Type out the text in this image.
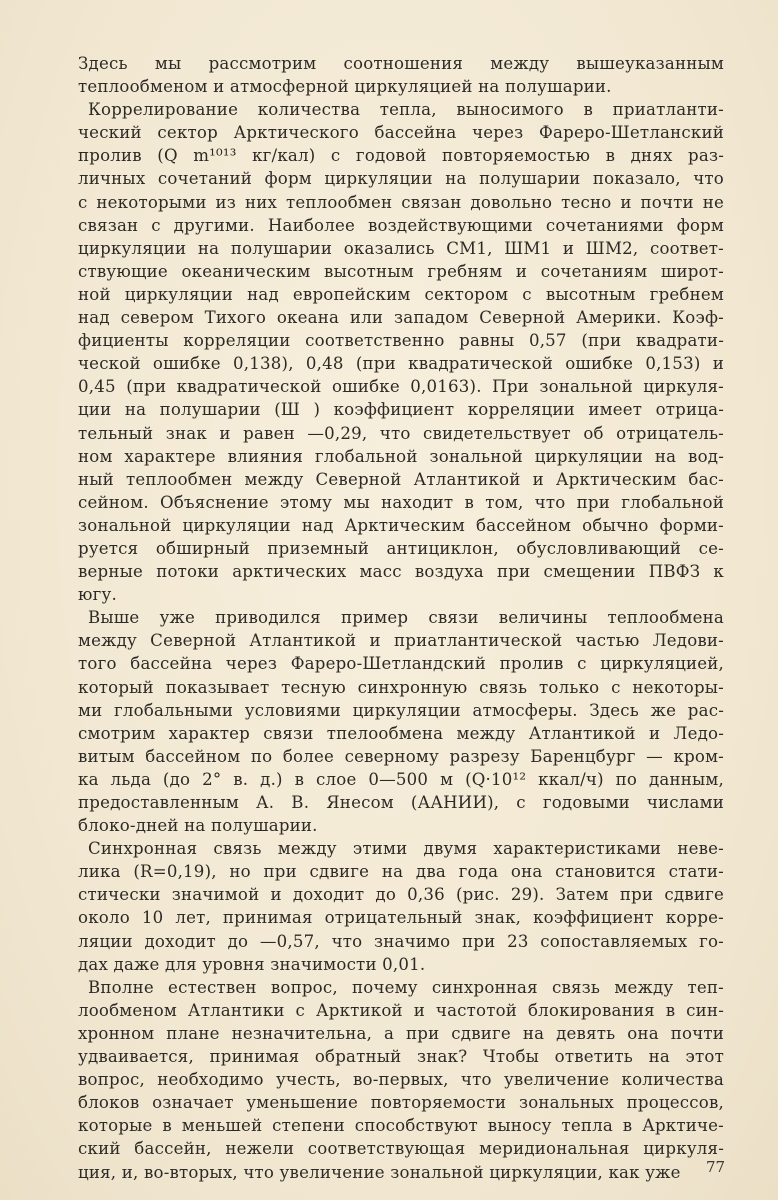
Здесь мы рассмотрим соотношения между вышеуказанным
теплообменом и атмосферной циркуляцией на полушарии.
Коррелирование количества тепла, выносимого в приатланти-
ческий сектор Арктического бассейна через Фареро-Шетланский
пролив (Q m¹⁰¹³ кг/кал) с годовой повторяемостью в днях раз-
личных сочетаний форм циркуляции на полушарии показало, что
с некоторыми из них теплообмен связан довольно тесно и почти не
связан с другими. Наиболее воздействующими сочетаниями форм
циркуляции на полушарии оказались СМ1, ШМ1 и ШМ2, соответ-
ствующие океаническим высотным гребням и сочетаниям широт-
ной циркуляции над европейским сектором с высотным гребнем
над севером Тихого океана или западом Северной Америки. Коэф-
фициенты корреляции соответственно равны 0,57 (при квадрати-
ческой ошибке 0,138), 0,48 (при квадратической ошибке 0,153) и
0,45 (при квадратической ошибке 0,0163). При зональной циркуля-
ции на полушарии (Ш ) коэффициент корреляции имеет отрица-
тельный знак и равен —0,29, что свидетельствует об отрицатель-
ном характере влияния глобальной зональной циркуляции на вод-
ный теплообмен между Северной Атлантикой и Арктическим бас-
сейном. Объяснение этому мы находит в том, что при глобальной
зональной циркуляции над Арктическим бассейном обычно форми-
руется обширный приземный антициклон, обусловливающий се-
верные потоки арктических масс воздуха при смещении ПВФЗ к
югу.
Выше уже приводился пример связи величины теплообмена
между Северной Атлантикой и приатлантической частью Ледови-
того бассейна через Фареро-Шетландский пролив с циркуляцией,
который показывает тесную синхронную связь только с некоторы-
ми глобальными условиями циркуляции атмосферы. Здесь же рас-
смотрим характер связи тпелообмена между Атлантикой и Ледо-
витым бассейном по более северному разрезу Баренцбург — кром-
ка льда (до 2° в. д.) в слое 0—500 м (Q·10¹² ккал/ч) по данным,
предоставленным А. В. Янесом (ААНИИ), с годовыми числами
блоко-дней на полушарии.
Синхронная связь между этими двумя характеристиками неве-
лика (R=0,19), но при сдвиге на два года она становится стати-
стически значимой и доходит до 0,36 (рис. 29). Затем при сдвиге
около 10 лет, принимая отрицательный знак, коэффициент корре-
ляции доходит до —0,57, что значимо при 23 сопоставляемых го-
дах даже для уровня значимости 0,01.
Вполне естествен вопрос, почему синхронная связь между теп-
лообменом Атлантики с Арктикой и частотой блокирования в син-
хронном плане незначительна, а при сдвиге на девять она почти
удваивается, принимая обратный знак? Чтобы ответить на этот
вопрос, необходимо учесть, во-первых, что увеличение количества
блоков означает уменьшение повторяемости зональных процессов,
которые в меньшей степени способствуют выносу тепла в Арктиче-
ский бассейн, нежели соответствующая меридиональная циркуля-
ция, и, во-вторых, что увеличение зональной циркуляции, как уже	77
